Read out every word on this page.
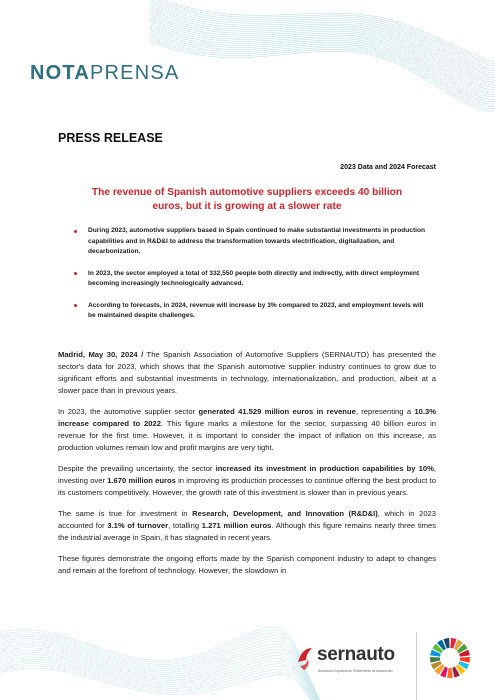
NOTAPRENSA
PRESS RELEASE
2023 Data and 2024 Forecast
The revenue of Spanish automotive suppliers exceeds 40 billion euros, but it is growing at a slower rate
During 2023, automotive suppliers based in Spain continued to make substantial investments in production capabilities and in R&D&I to address the transformation towards electrification, digitalization, and decarbonization.
In 2023, the sector employed a total of 332,550 people both directly and indirectly, with direct employment becoming increasingly technologically advanced.
According to forecasts, in 2024, revenue will increase by 3% compared to 2023, and employment levels will be maintained despite challenges.

Madrid, May 30, 2024 / The Spanish Association of Automotive Suppliers (SERNAUTO) has presented the sector's data for 2023, which shows that the Spanish automotive supplier industry continues to grow due to significant efforts and substantial investments in technology, internationalization, and production, albeit at a slower pace than in previous years.

In 2023, the automotive supplier sector generated 41.529 million euros in revenue, representing a 10.3% increase compared to 2022. This figure marks a milestone for the sector, surpassing 40 billion euros in revenue for the first time. However, it is important to consider the impact of inflation on this increase, as production volumes remain low and profit margins are very tight.

Despite the prevailing uncertainty, the sector increased its investment in production capabilities by 10%, investing over 1.670 million euros in improving its production processes to continue offering the best product to its customers competitively. However, the growth rate of this investment is slower than in previous years.

The same is true for investment in Research, Development, and Innovation (R&D&I), which in 2023 accounted for 3.1% of turnover, totalling 1.271 million euros. Although this figure remains nearly three times the industrial average in Spain, it has stagnated in recent years.

These figures demonstrate the ongoing efforts made by the Spanish component industry to adapt to changes and remain at the forefront of technology. However, the slowdown in

sernauto
Asociación Española de Proveedores de Automoción
